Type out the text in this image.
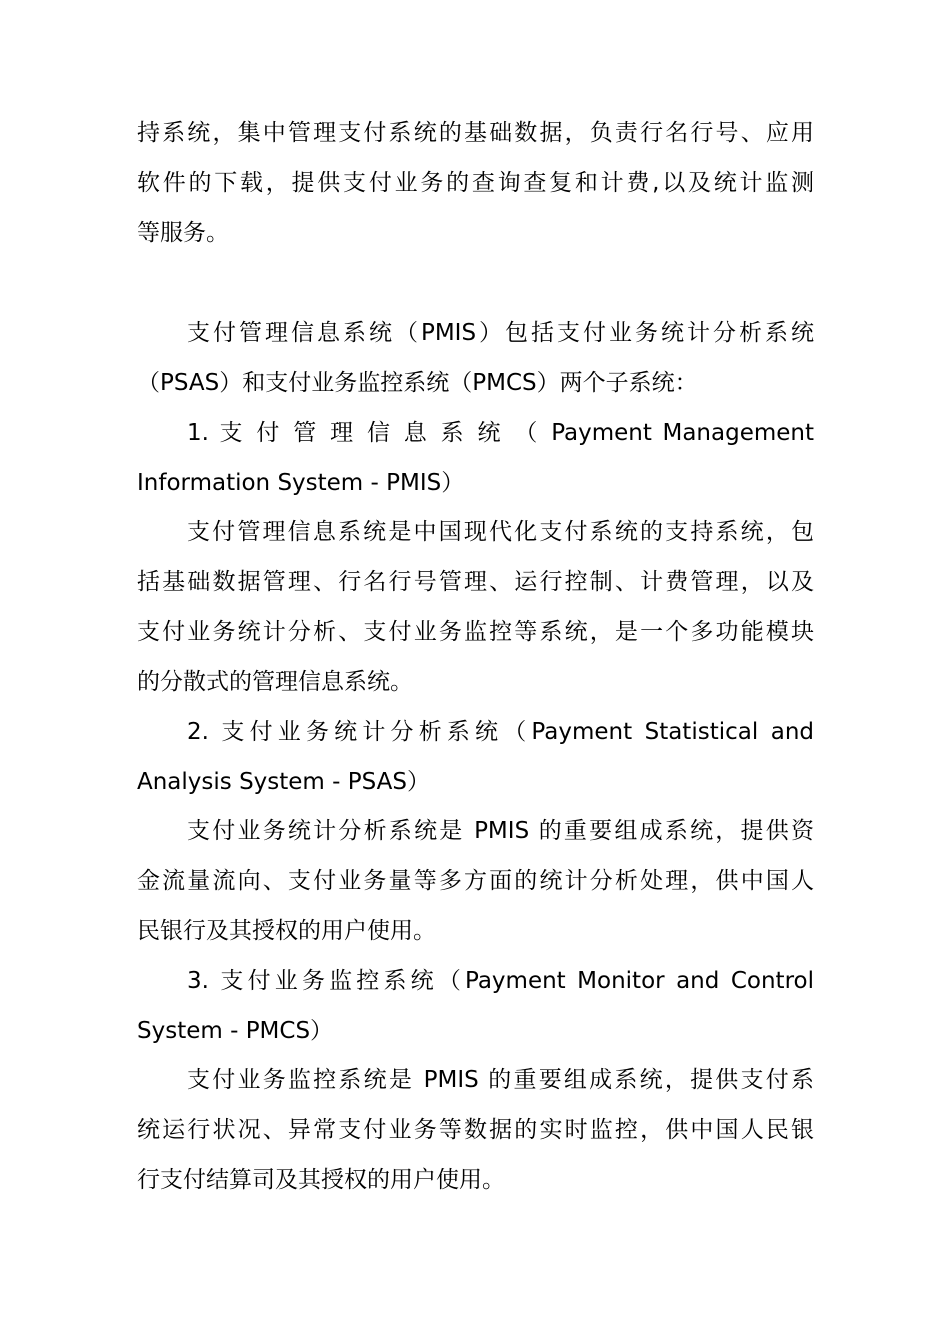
持系统，集中管理支付系统的基础数据，负责行名行号、应用
软件的下载，提供支付业务的查询查复和计费,以及统计监测
等服务。
支付管理信息系统（PMIS）包括支付业务统计分析系统
（PSAS）和支付业务监控系统（PMCS）两个子系统：
1. 支 付 管 理 信 息 系 统 （ Payment Management
Information System - PMIS）
支付管理信息系统是中国现代化支付系统的支持系统，包
括基础数据管理、行名行号管理、运行控制、计费管理，以及
支付业务统计分析、支付业务监控等系统，是一个多功能模块
的分散式的管理信息系统。
2. 支付业务统计分析系统（Payment Statistical and
Analysis System - PSAS）
支付业务统计分析系统是 PMIS 的重要组成系统，提供资
金流量流向、支付业务量等多方面的统计分析处理，供中国人
民银行及其授权的用户使用。
3. 支付业务监控系统（Payment Monitor and Control
System - PMCS）
支付业务监控系统是 PMIS 的重要组成系统，提供支付系
统运行状况、异常支付业务等数据的实时监控，供中国人民银
行支付结算司及其授权的用户使用。
